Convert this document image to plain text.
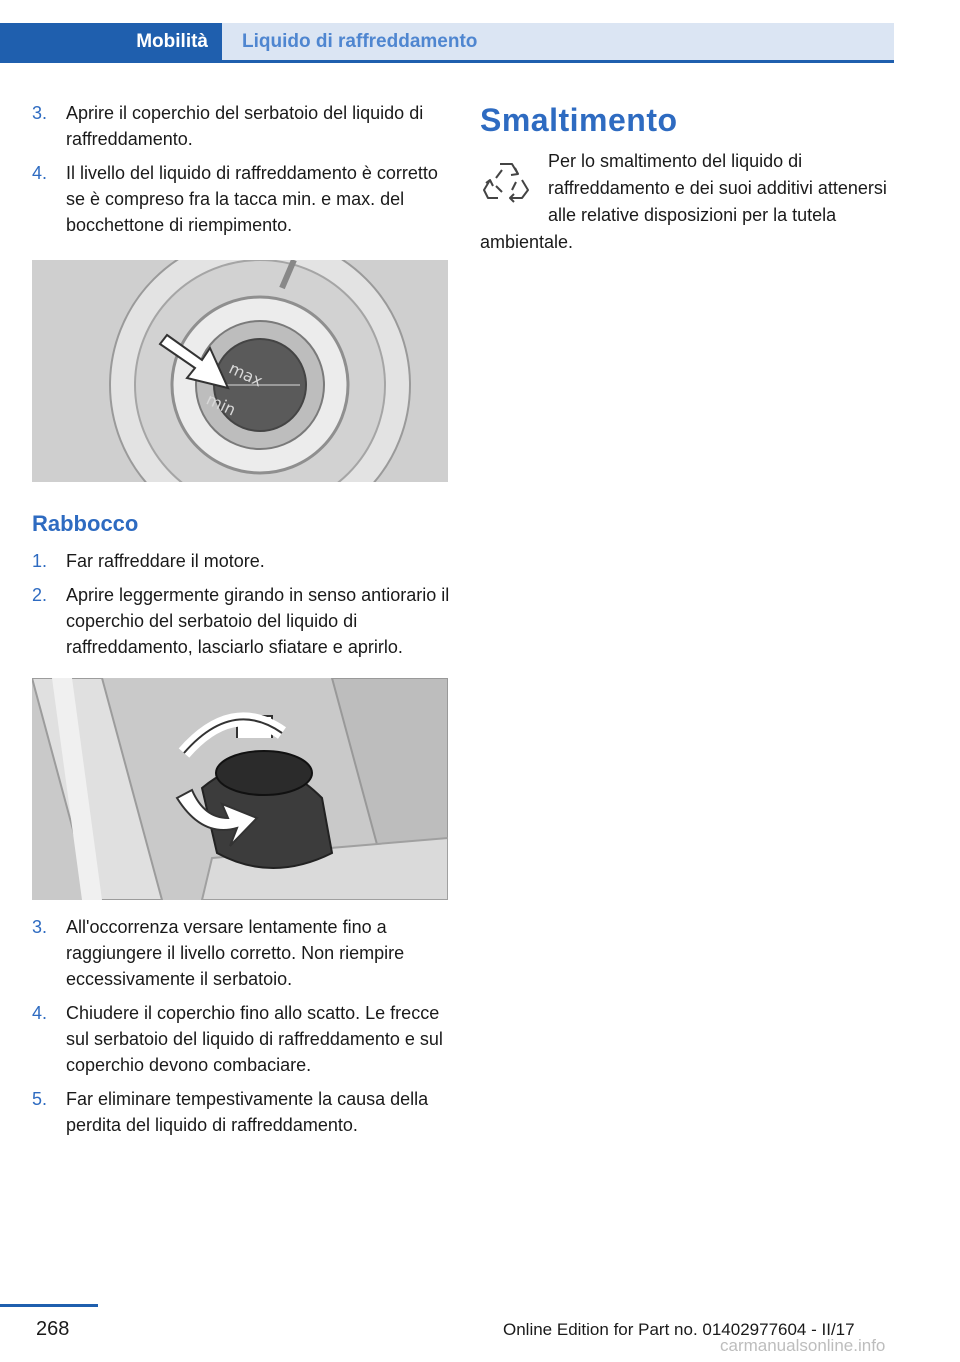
Mobilità	Liquido di raffreddamento
3. Aprire il coperchio del serbatoio del liquido di raffreddamento.
4. Il livello del liquido di raffreddamento è corretto se è compreso fra la tacca min. e max. del bocchettone di riempimento.
max
min
Rabbocco
1. Far raffreddare il motore.
2. Aprire leggermente girando in senso antiorario il coperchio del serbatoio del liquido di raffreddamento, lasciarlo sfiatare e aprirlo.
3. All'occorrenza versare lentamente fino a raggiungere il livello corretto. Non riempire eccessivamente il serbatoio.
4. Chiudere il coperchio fino allo scatto. Le frecce sul serbatoio del liquido di raffreddamento e sul coperchio devono combaciare.
5. Far eliminare tempestivamente la causa della perdita del liquido di raffreddamento.
Smaltimento
Per lo smaltimento del liquido di raffreddamento e dei suoi additivi attenersi alle relative disposizioni per la tutela ambientale.
268	Online Edition for Part no. 01402977604 - II/17
carmanualsonline.info
